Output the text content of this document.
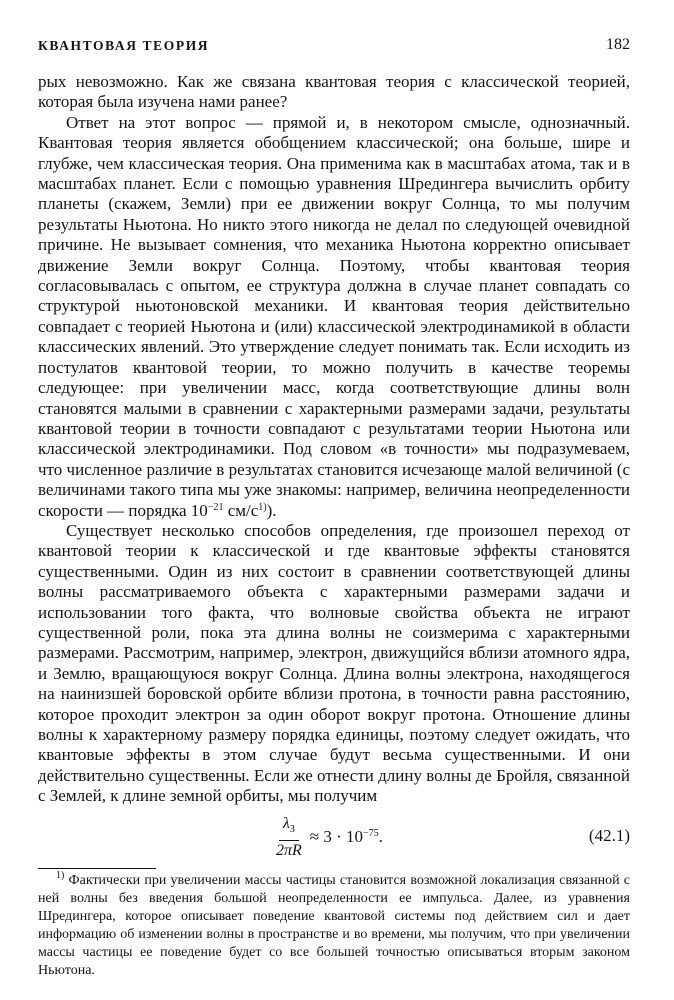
КВАНТОВАЯ ТЕОРИЯ	182

рых невозможно. Как же связана квантовая теория с классической теорией, которая была изучена нами ранее?

Ответ на этот вопрос — прямой и, в некотором смысле, однозначный. Квантовая теория является обобщением классической; она больше, шире и глубже, чем классическая теория. Она применима как в масштабах атома, так и в масштабах планет. Если с помощью уравнения Шредингера вычислить орбиту планеты (скажем, Земли) при ее движении вокруг Солнца, то мы получим результаты Ньютона. Но никто этого никогда не делал по следующей очевидной причине. Не вызывает сомнения, что механика Ньютона корректно описывает движение Земли вокруг Солнца. Поэтому, чтобы квантовая теория согласовывалась с опытом, ее структура должна в случае планет совпадать со структурой ньютоновской механики. И квантовая теория действительно совпадает с теорией Ньютона и (или) классической электродинамикой в области классических явлений. Это утверждение следует понимать так. Если исходить из постулатов квантовой теории, то можно получить в качестве теоремы следующее: при увеличении масс, когда соответствующие длины волн становятся малыми в сравнении с характерными размерами задачи, результаты квантовой теории в точности совпадают с результатами теории Ньютона или классической электродинамики. Под словом «в точности» мы подразумеваем, что численное различие в результатах становится исчезающе малой величиной (с величинами такого типа мы уже знакомы: например, величина неопределенности скорости — порядка $10^{-21}$ $см/с^{1)}$).

Существует несколько способов определения, где произошел переход от квантовой теории к классической и где квантовые эффекты становятся существенными. Один из них состоит в сравнении соответствующей длины волны рассматриваемого объекта с характерными размерами задачи и использовании того факта, что волновые свойства объекта не играют существенной роли, пока эта длина волны не соизмерима с характерными размерами. Рассмотрим, например, электрон, движущийся вблизи атомного ядра, и Землю, вращающуюся вокруг Солнца. Длина волны электрона, находящегося на наинизшей боровской орбите вблизи протона, в точности равна расстоянию, которое проходит электрон за один оборот вокруг протона. Отношение длины волны к характерному размеру порядка единицы, поэтому следует ожидать, что квантовые эффекты в этом случае будут весьма существенными. И они действительно существенны. Если же отнести длину волны де Бройля, связанной с Землей, к длине земной орбиты, мы получим

$\frac{\lambda_З}{2\pi R} \approx 3 \cdot 10^{-75}$.	(42.1)

$^{1)}$ Фактически при увеличении массы частицы становится возможной локализация связанной с ней волны без введения большой неопределенности ее импульса. Далее, из уравнения Шредингера, которое описывает поведение квантовой системы под действием сил и дает информацию об изменении волны в пространстве и во времени, мы получим, что при увеличении массы частицы ее поведение будет со все большей точностью описываться вторым законом Ньютона.
